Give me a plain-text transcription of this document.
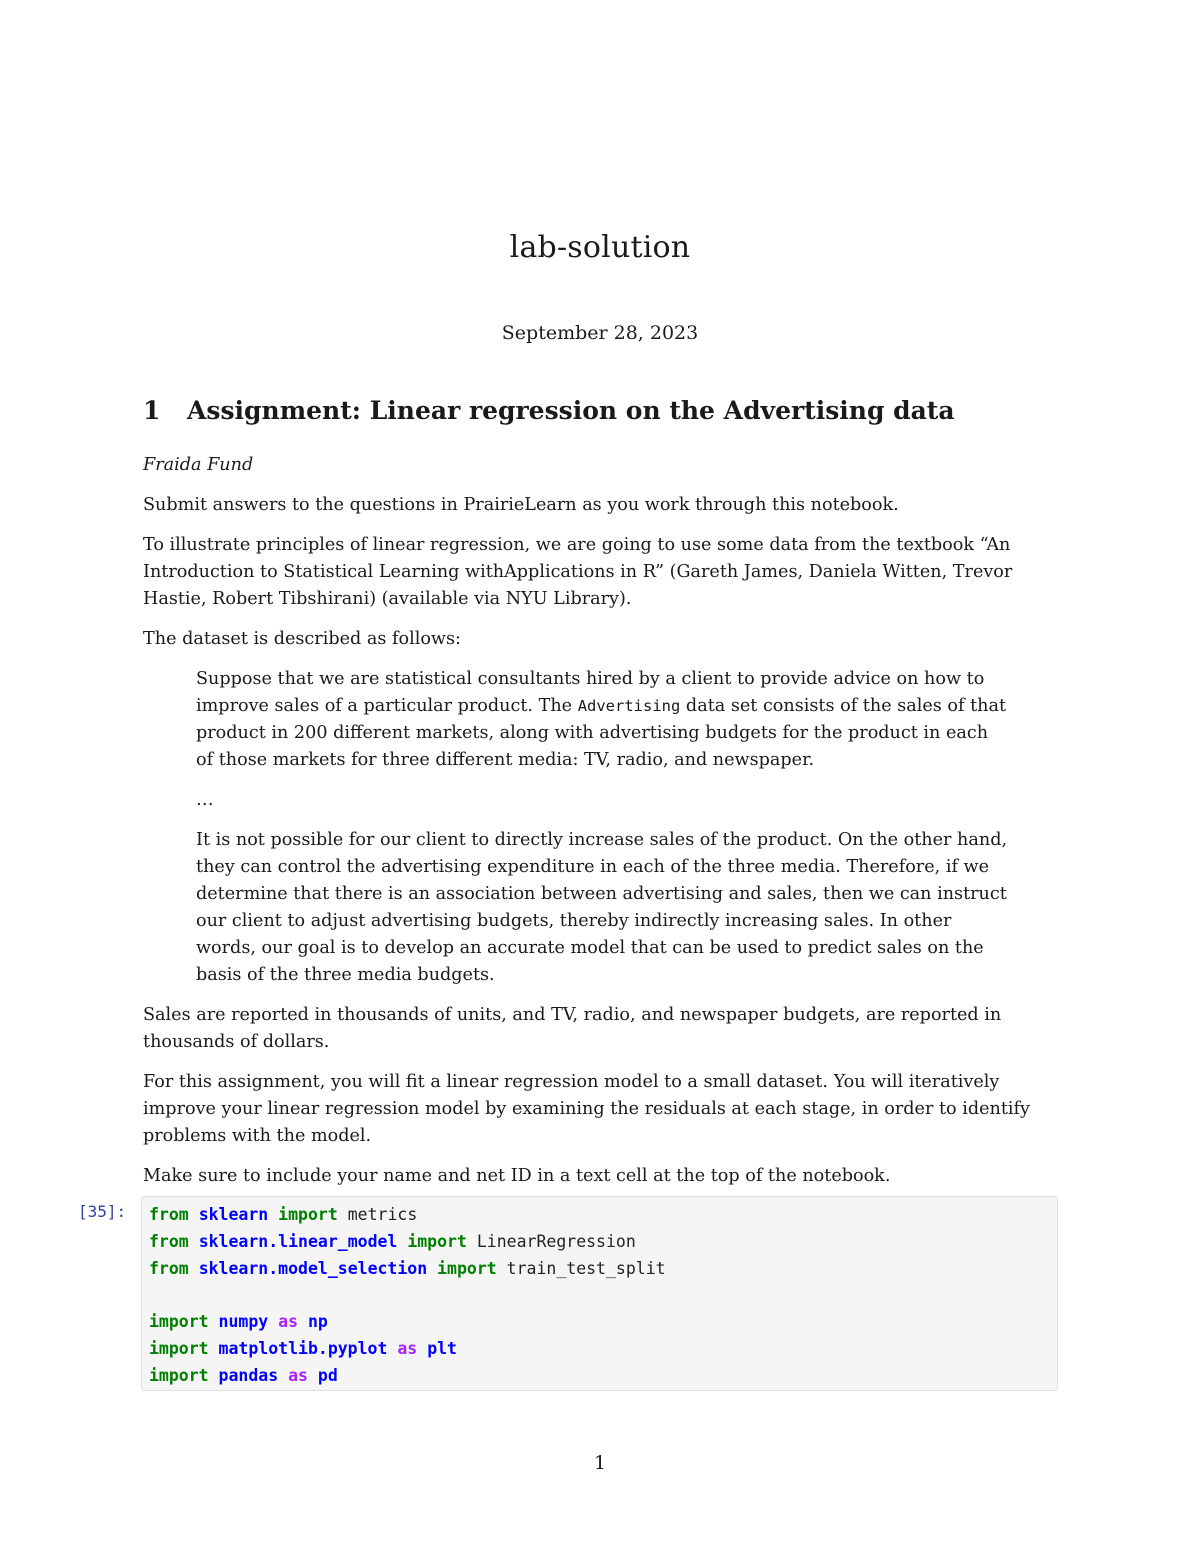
lab-solution
September 28, 2023
1 Assignment: Linear regression on the Advertising data

Fraida Fund

Submit answers to the questions in PrairieLearn as you work through this notebook.

To illustrate principles of linear regression, we are going to use some data from the textbook “An Introduction to Statistical Learning withApplications in R” (Gareth James, Daniela Witten, Trevor Hastie, Robert Tibshirani) (available via NYU Library).

The dataset is described as follows:

Suppose that we are statistical consultants hired by a client to provide advice on how to improve sales of a particular product. The Advertising data set consists of the sales of that product in 200 different markets, along with advertising budgets for the product in each of those markets for three different media: TV, radio, and newspaper.

…

It is not possible for our client to directly increase sales of the product. On the other hand, they can control the advertising expenditure in each of the three media. Therefore, if we determine that there is an association between advertising and sales, then we can instruct our client to adjust advertising budgets, thereby indirectly increasing sales. In other words, our goal is to develop an accurate model that can be used to predict sales on the basis of the three media budgets.

Sales are reported in thousands of units, and TV, radio, and newspaper budgets, are reported in thousands of dollars.

For this assignment, you will fit a linear regression model to a small dataset. You will iteratively improve your linear regression model by examining the residuals at each stage, in order to identify problems with the model.

Make sure to include your name and net ID in a text cell at the top of the notebook.

[35]:	from sklearn import metrics
from sklearn.linear_model import LinearRegression
from sklearn.model_selection import train_test_split

import numpy as np
import matplotlib.pyplot as plt
import pandas as pd
1
